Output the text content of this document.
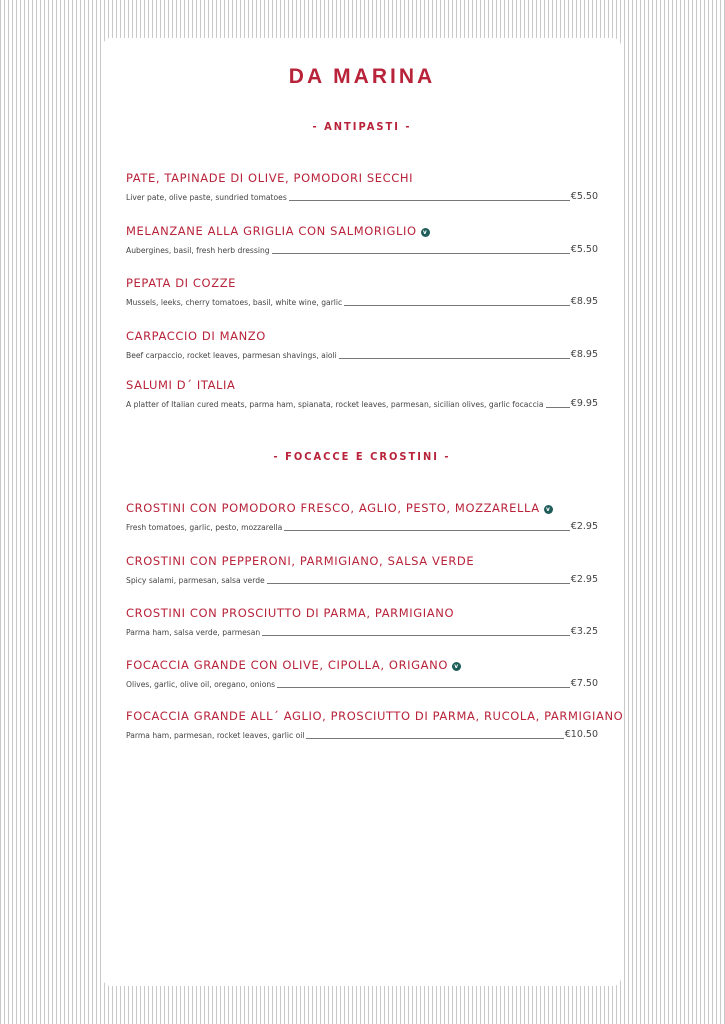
DA MARINA
- ANTIPASTI -
PATE, TAPINADE DI OLIVE, POMODORI SECCHI
Liver pate, olive paste, sundried tomatoes	€5.50
MELANZANE ALLA GRIGLIA CON SALMORIGLIO v
Aubergines, basil, fresh herb dressing	€5.50
PEPATA DI COZZE
Mussels, leeks, cherry tomatoes, basil, white wine, garlic	€8.95
CARPACCIO DI MANZO
Beef carpaccio, rocket leaves, parmesan shavings, aioli	€8.95
SALUMI D´ ITALIA
A platter of Italian cured meats, parma ham, spianata, rocket leaves, parmesan, sicilian olives, garlic focaccia	€9.95
- FOCACCE E CROSTINI -
CROSTINI CON POMODORO FRESCO, AGLIO, PESTO, MOZZARELLA v
Fresh tomatoes, garlic, pesto, mozzarella	€2.95
CROSTINI CON PEPPERONI, PARMIGIANO, SALSA VERDE
Spicy salami, parmesan, salsa verde	€2.95
CROSTINI CON PROSCIUTTO DI PARMA, PARMIGIANO
Parma ham, salsa verde, parmesan	€3.25
FOCACCIA GRANDE CON OLIVE, CIPOLLA, ORIGANO v
Olives, garlic, olive oil, oregano, onions	€7.50
FOCACCIA GRANDE ALL´ AGLIO, PROSCIUTTO DI PARMA, RUCOLA, PARMIGIANO
Parma ham, parmesan, rocket leaves, garlic oil	€10.50
